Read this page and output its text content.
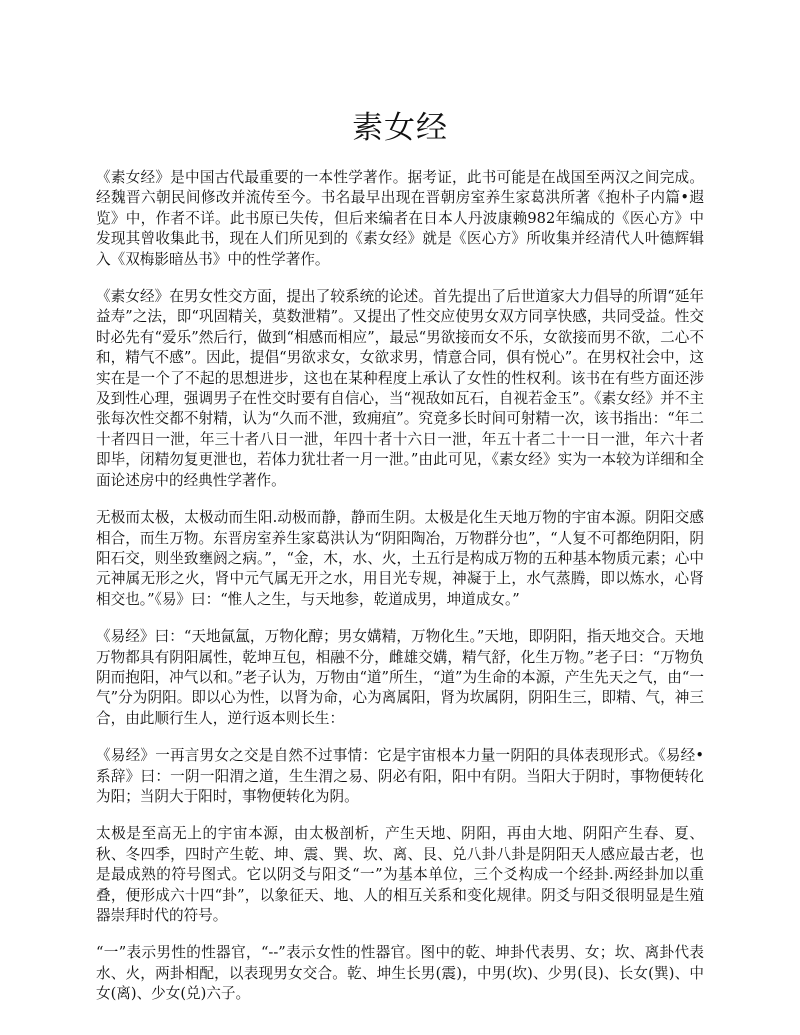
素女经

《素女经》是中国古代最重要的一本性学著作。据考证，此书可能是在战国至两汉之间完成。经魏晋六朝民间修改并流传至今。书名最早出现在晋朝房室养生家葛洪所著《抱朴子内篇•遐览》中，作者不详。此书原已失传，但后来编者在日本人丹波康赖982年编成的《医心方》中发现其曾收集此书，现在人们所见到的《素女经》就是《医心方》所收集并经清代人叶德辉辑入《双梅影暗丛书》中的性学著作。

《素女经》在男女性交方面，提出了较系统的论述。首先提出了后世道家大力倡导的所谓“延年益寿”之法，即“巩固精关，莫数泄精”。又提出了性交应使男女双方同享快感，共同受益。性交时必先有“爱乐”然后行，做到“相感而相应”，最忌“男欲接而女不乐，女欲接而男不欲，二心不和，精气不感”。因此，提倡“男欲求女，女欲求男，情意合同，俱有悦心”。在男权社会中，这实在是一个了不起的思想进步，这也在某种程度上承认了女性的性权利。该书在有些方面还涉及到性心理，强调男子在性交时要有自信心，当“视敌如瓦石，自视若金玉”。《素女经》并不主张每次性交都不射精，认为“久而不泄，致痈疽”。究竟多长时间可射精一次，该书指出：“年二十者四日一泄，年三十者八日一泄，年四十者十六日一泄，年五十者二十一日一泄，年六十者即毕，闭精勿复更泄也，若体力犹壮者一月一泄。”由此可见，《素女经》实为一本较为详细和全面论述房中的经典性学著作。

无极而太极，太极动而生阳.动极而静，静而生阴。太极是化生天地万物的宇宙本源。阴阳交感相合，而生万物。东晋房室养生家葛洪认为“阴阳陶冶，万物群分也”，“人复不可都绝阴阳，阴阳石交，则坐致壅阏之病。”，“金，木，水、火，土五行是构成万物的五种基本物质元素；心中元神属无形之火，肾中元气属无开之水，用目光专规，神凝于上，水气蒸腾，即以炼水，心肾相交也。”《易》曰：“惟人之生，与天地参，乾道成男，坤道成女。”

《易经》曰：“天地氤氲，万物化醇；男女媾精，万物化生。”天地，即阴阳，指天地交合。天地万物都具有阴阳属性，乾坤互包，相融不分，雌雄交媾，精气舒，化生万物。”老子曰：“万物负阴而抱阳，冲气以和。”老子认为，万物由“道”所生，“道”为生命的本源，产生先天之气，由“一气”分为阴阳。即以心为性，以肾为命，心为离属阳，肾为坎属阴，阴阳生三，即精、气，神三合，由此顺行生人，逆行返本则长生：

《易经》一再言男女之交是自然不过事情：它是宇宙根本力量一阴阳的具体表现形式。《易经•系辞》曰：一阴一阳渭之道，生生渭之易、阴必有阳，阳中有阴。当阳大于阴时，事物便转化为阳；当阴大于阳时，事物便转化为阴。

太极是至高无上的宇宙本源，由太极剖析，产生天地、阴阳，再由大地、阴阳产生春、夏、秋、冬四季，四时产生乾、坤、震、巽、坎、离、艮、兑八卦八卦是阴阳天人感应最古老，也是最成熟的符号图式。它以阴爻与阳爻“一”为基本单位，三个爻构成一个经卦.两经卦加以重叠，便形成六十四“卦”，以象征天、地、人的相互关系和变化规律。阴爻与阳爻很明显是生殖器崇拜时代的符号。

“一”表示男性的性器官，“--”表示女性的性器官。图中的乾、坤卦代表男、女；坎、离卦代表水、火，两卦相配，以表现男女交合。乾、坤生长男(震)，中男(坎)、少男(艮)、长女(巽)、中女(离)、少女(兑)六子。
